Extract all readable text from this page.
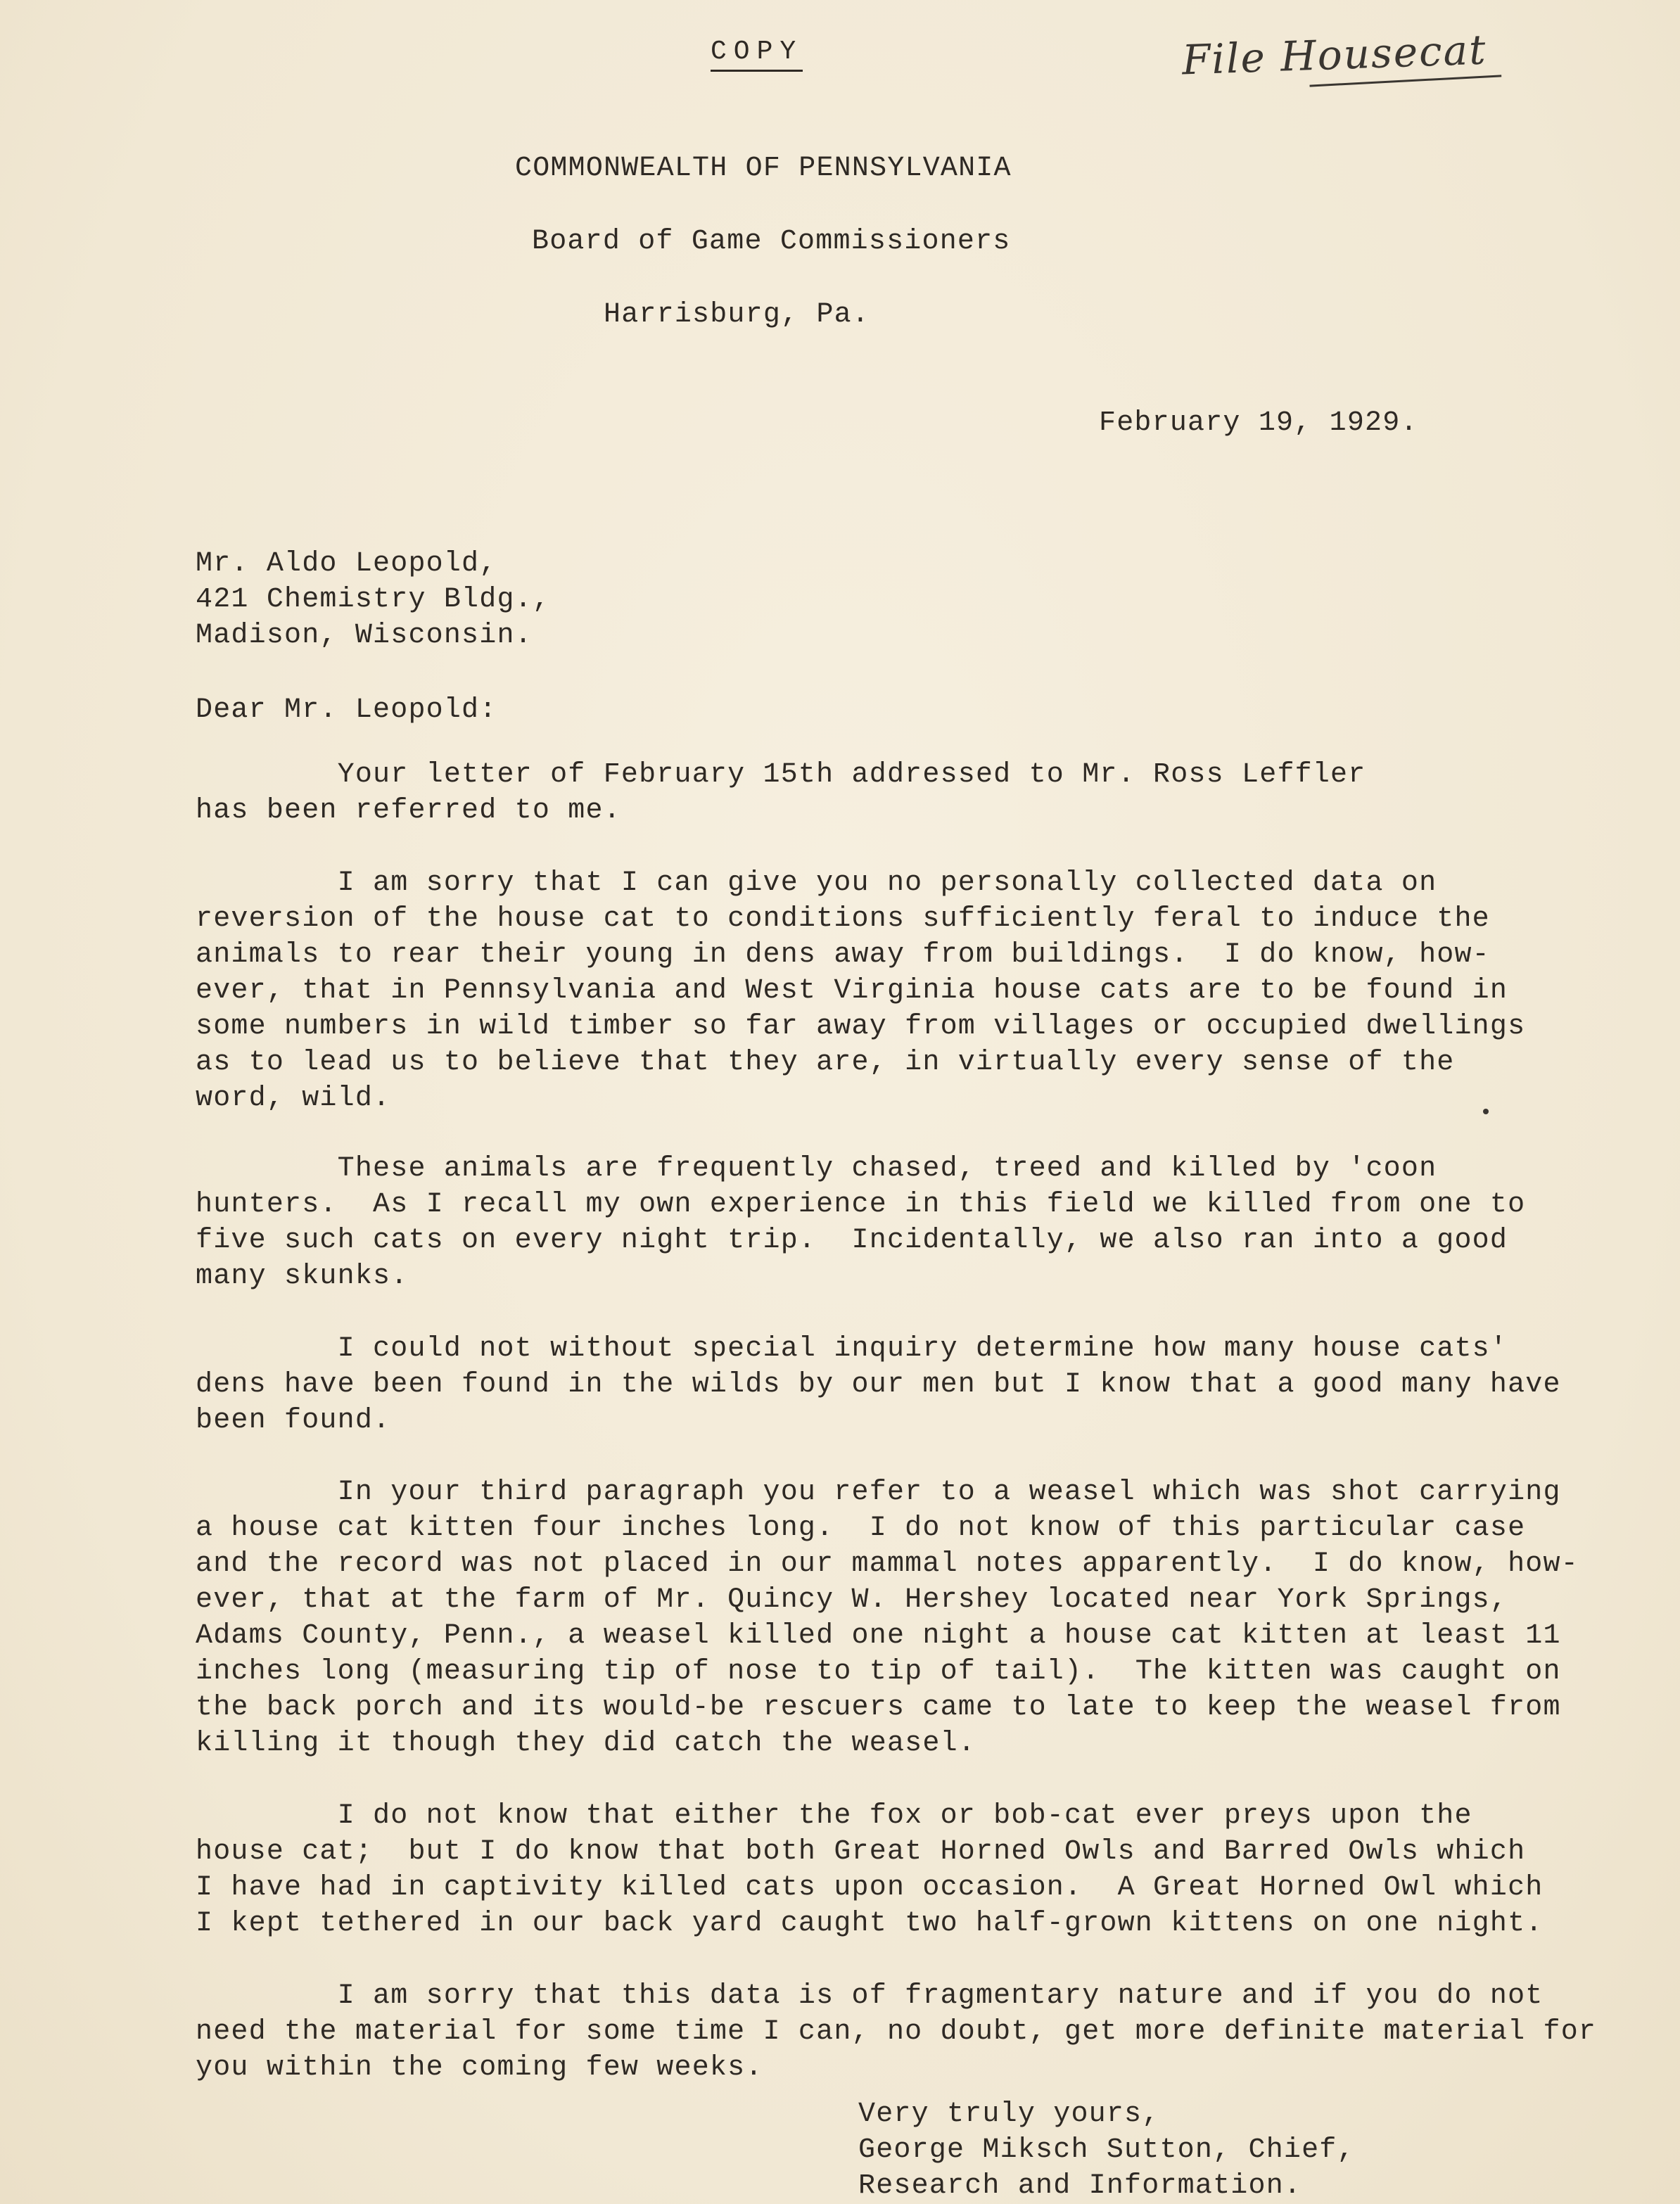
COPY	File Housecat
COMMONWEALTH OF PENNSYLVANIA
Board of Game Commissioners
Harrisburg, Pa.
February 19, 1929.
Mr. Aldo Leopold,
421 Chemistry Bldg.,
Madison, Wisconsin.
Dear Mr. Leopold:
Your letter of February 15th addressed to Mr. Ross Leffler
has been referred to me.
I am sorry that I can give you no personally collected data on
reversion of the house cat to conditions sufficiently feral to induce the
animals to rear their young in dens away from buildings.  I do know, how-
ever, that in Pennsylvania and West Virginia house cats are to be found in
some numbers in wild timber so far away from villages or occupied dwellings
as to lead us to believe that they are, in virtually every sense of the
word, wild.
These animals are frequently chased, treed and killed by 'coon
hunters.  As I recall my own experience in this field we killed from one to
five such cats on every night trip.  Incidentally, we also ran into a good
many skunks.
I could not without special inquiry determine how many house cats'
dens have been found in the wilds by our men but I know that a good many have
been found.
In your third paragraph you refer to a weasel which was shot carrying
a house cat kitten four inches long.  I do not know of this particular case
and the record was not placed in our mammal notes apparently.  I do know, how-
ever, that at the farm of Mr. Quincy W. Hershey located near York Springs,
Adams County, Penn., a weasel killed one night a house cat kitten at least 11
inches long (measuring tip of nose to tip of tail).  The kitten was caught on
the back porch and its would-be rescuers came to late to keep the weasel from
killing it though they did catch the weasel.
I do not know that either the fox or bob-cat ever preys upon the
house cat;  but I do know that both Great Horned Owls and Barred Owls which
I have had in captivity killed cats upon occasion.  A Great Horned Owl which
I kept tethered in our back yard caught two half-grown kittens on one night.
I am sorry that this data is of fragmentary nature and if you do not
need the material for some time I can, no doubt, get more definite material for
you within the coming few weeks.
Very truly yours,
George Miksch Sutton, Chief,
Research and Information.
